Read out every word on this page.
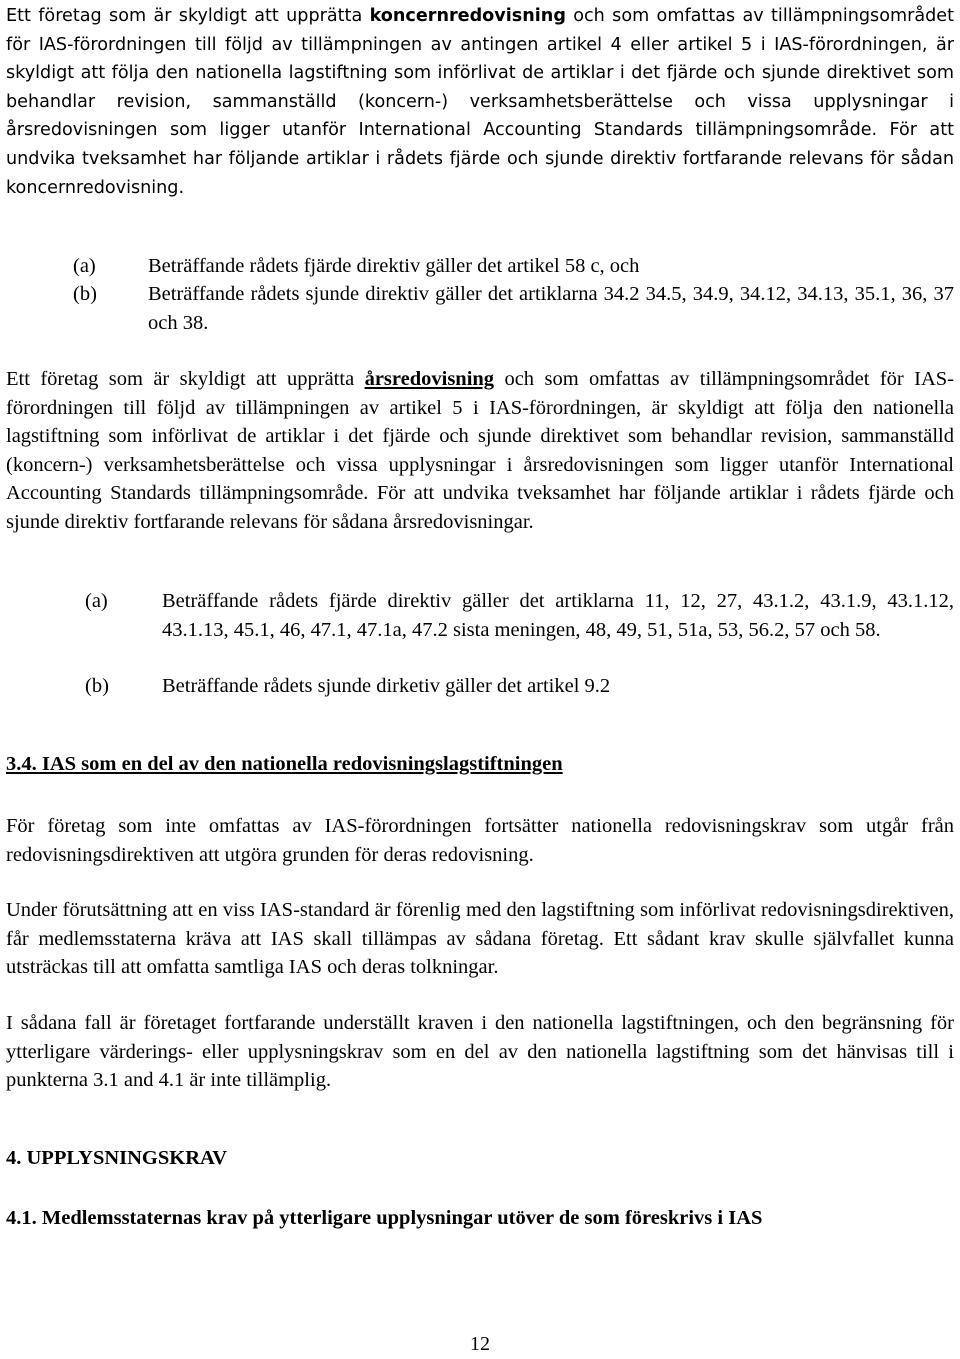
Ett företag som är skyldigt att upprätta koncernredovisning och som omfattas av tillämpningsområdet för IAS-förordningen till följd av tillämpningen av antingen artikel 4 eller artikel 5 i IAS-förordningen, är skyldigt att följa den nationella lagstiftning som införlivat de artiklar i det fjärde och sjunde direktivet som behandlar revision, sammanställd (koncern-) verksamhetsberättelse och vissa upplysningar i årsredovisningen som ligger utanför International Accounting Standards tillämpningsområde. För att undvika tveksamhet har följande artiklar i rådets fjärde och sjunde direktiv fortfarande relevans för sådan koncernredovisning.

(a)	Beträffande rådets fjärde direktiv gäller det artikel 58 c, och
(b) Beträffande rådets sjunde direktiv gäller det artiklarna 34.2 34.5, 34.9, 34.12, 34.13, 35.1, 36, 37 och 38.

Ett företag som är skyldigt att upprätta årsredovisning och som omfattas av tillämpningsområdet för IAS-förordningen till följd av tillämpningen av artikel 5 i IAS-förordningen, är skyldigt att följa den nationella lagstiftning som införlivat de artiklar i det fjärde och sjunde direktivet som behandlar revision, sammanställd (koncern-) verksamhetsberättelse och vissa upplysningar i årsredovisningen som ligger utanför International Accounting Standards tillämpningsområde. För att undvika tveksamhet har följande artiklar i rådets fjärde och sjunde direktiv fortfarande relevans för sådana årsredovisningar.

(a)	Beträffande rådets fjärde direktiv gäller det artiklarna 11, 12, 27, 43.1.2, 43.1.9, 43.1.12, 43.1.13, 45.1, 46, 47.1, 47.1a, 47.2 sista meningen, 48, 49, 51, 51a, 53, 56.2, 57 och 58.
(b)	Beträffande rådets sjunde dirketiv gäller det artikel 9.2
3.4. IAS som en del av den nationella redovisningslagstiftningen

För företag som inte omfattas av IAS-förordningen fortsätter nationella redovisningskrav som utgår från redovisningsdirektiven att utgöra grunden för deras redovisning.

Under förutsättning att en viss IAS-standard är förenlig med den lagstiftning som införlivat redovisningsdirektiven, får medlemsstaterna kräva att IAS skall tillämpas av sådana företag. Ett sådant krav skulle självfallet kunna utsträckas till att omfatta samtliga IAS och deras tolkningar.

I sådana fall är företaget fortfarande underställt kraven i den nationella lagstiftningen, och den begränsning för ytterligare värderings- eller upplysningskrav som en del av den nationella lagstiftning som det hänvisas till i punkterna 3.1 and 4.1 är inte tillämplig.

4. UPPLYSNINGSKRAV
4.1. Medlemsstaternas krav på ytterligare upplysningar utöver de som föreskrivs i IAS
12
